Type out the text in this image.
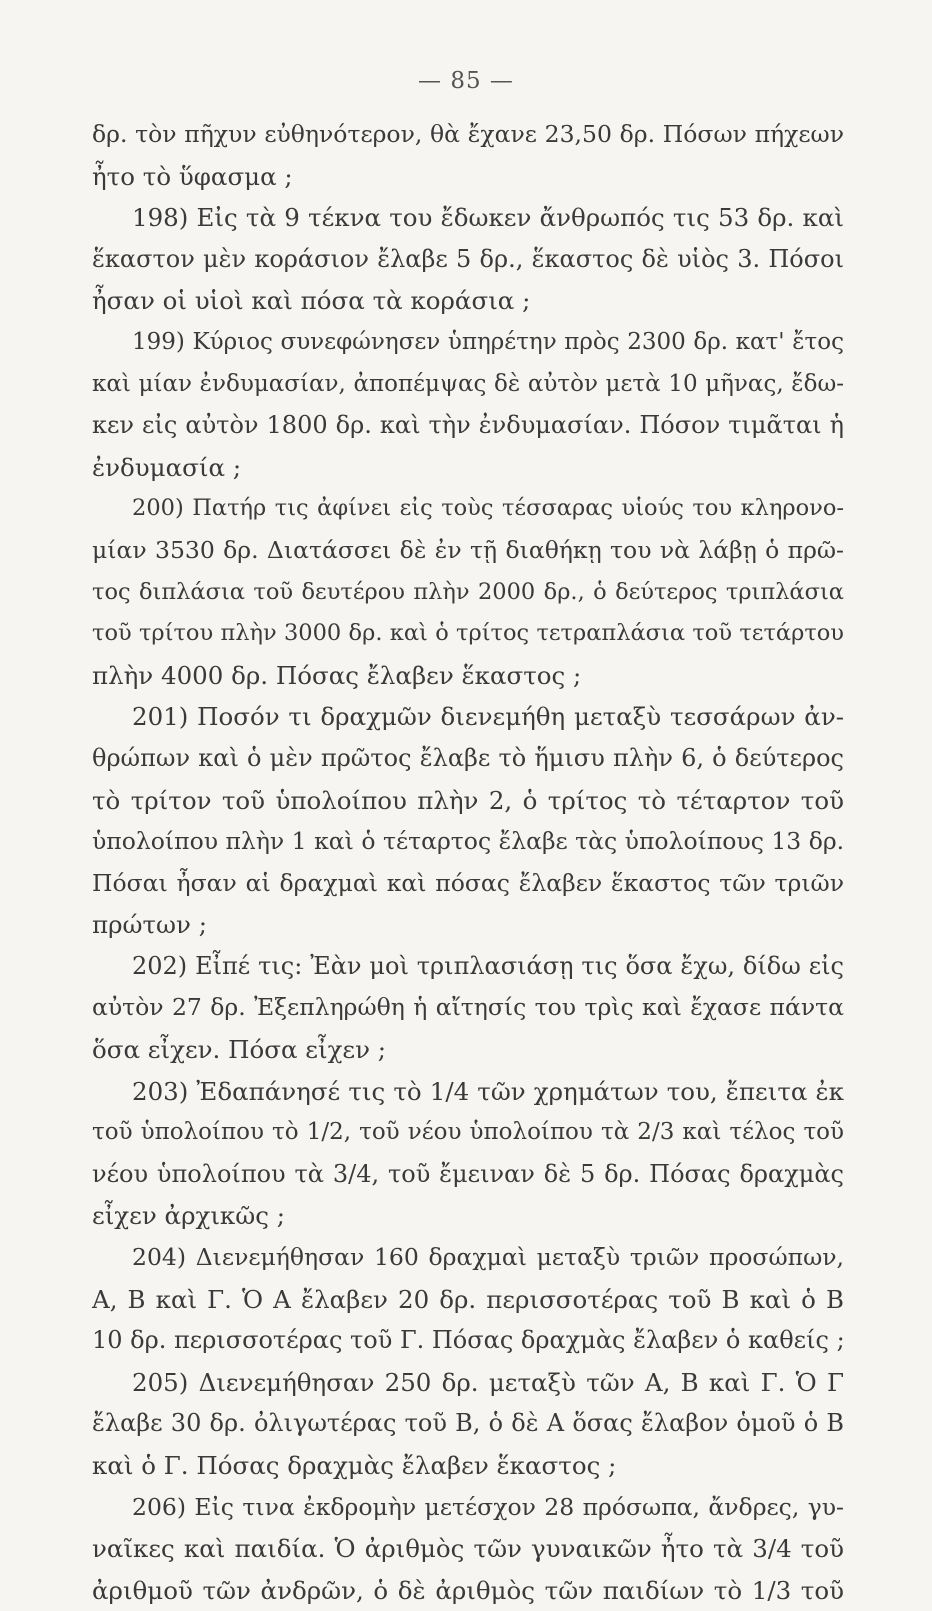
— 85 —
δρ. τὸν πῆχυν εὐθηνότερον, θὰ ἔχανε 23,50 δρ. Πόσων πήχεων
ἦτο τὸ ὕφασμα ;
198) Εἰς τὰ 9 τέκνα του ἔδωκεν ἄνθρωπός τις 53 δρ. καὶ
ἕκαστον μὲν κοράσιον ἔλαβε 5 δρ., ἕκαστος δὲ υἱὸς 3. Πόσοι
ἦσαν οἱ υἱοὶ καὶ πόσα τὰ κοράσια ;
199) Κύριος συνεφώνησεν ὑπηρέτην πρὸς 2300 δρ. κατ' ἔτος
καὶ μίαν ἐνδυμασίαν, ἀποπέμψας δὲ αὐτὸν μετὰ 10 μῆνας, ἔδω-
κεν εἰς αὐτὸν 1800 δρ. καὶ τὴν ἐνδυμασίαν. Πόσον τιμᾶται ἡ
ἐνδυμασία ;
200) Πατήρ τις ἀφίνει εἰς τοὺς τέσσαρας υἱούς του κληρονο-
μίαν 3530 δρ. Διατάσσει δὲ ἐν τῇ διαθήκῃ του νὰ λάβῃ ὁ πρῶ-
τος διπλάσια τοῦ δευτέρου πλὴν 2000 δρ., ὁ δεύτερος τριπλάσια
τοῦ τρίτου πλὴν 3000 δρ. καὶ ὁ τρίτος τετραπλάσια τοῦ τετάρτου
πλὴν 4000 δρ. Πόσας ἔλαβεν ἕκαστος ;
201) Ποσόν τι δραχμῶν διενεμήθη μεταξὺ τεσσάρων ἀν-
θρώπων καὶ ὁ μὲν πρῶτος ἔλαβε τὸ ἥμισυ πλὴν 6, ὁ δεύτερος
τὸ τρίτον τοῦ ὑπολοίπου πλὴν 2, ὁ τρίτος τὸ τέταρτον τοῦ
ὑπολοίπου πλὴν 1 καὶ ὁ τέταρτος ἔλαβε τὰς ὑπολοίπους 13 δρ.
Πόσαι ἦσαν αἱ δραχμαὶ καὶ πόσας ἔλαβεν ἕκαστος τῶν τριῶν
πρώτων ;
202) Εἶπέ τις: Ἐὰν μοὶ τριπλασιάσῃ τις ὅσα ἔχω, δίδω εἰς
αὐτὸν 27 δρ. Ἐξεπληρώθη ἡ αἴτησίς του τρὶς καὶ ἔχασε πάντα
ὅσα εἶχεν. Πόσα εἶχεν ;
203) Ἐδαπάνησέ τις τὸ 1/4 τῶν χρημάτων του, ἔπειτα ἐκ
τοῦ ὑπολοίπου τὸ 1/2, τοῦ νέου ὑπολοίπου τὰ 2/3 καὶ τέλος τοῦ
νέου ὑπολοίπου τὰ 3/4, τοῦ ἔμειναν δὲ 5 δρ. Πόσας δραχμὰς
εἶχεν ἀρχικῶς ;
204) Διενεμήθησαν 160 δραχμαὶ μεταξὺ τριῶν προσώπων,
Α, Β καὶ Γ. Ὁ Α ἔλαβεν 20 δρ. περισσοτέρας τοῦ Β καὶ ὁ Β
10 δρ. περισσοτέρας τοῦ Γ. Πόσας δραχμὰς ἔλαβεν ὁ καθείς ;
205) Διενεμήθησαν 250 δρ. μεταξὺ τῶν Α, Β καὶ Γ. Ὁ Γ
ἔλαβε 30 δρ. ὀλιγωτέρας τοῦ Β, ὁ δὲ Α ὅσας ἔλαβον ὁμοῦ ὁ Β
καὶ ὁ Γ. Πόσας δραχμὰς ἔλαβεν ἕκαστος ;
206) Εἰς τινα ἐκδρομὴν μετέσχον 28 πρόσωπα, ἄνδρες, γυ-
ναῖκες καὶ παιδία. Ὁ ἀριθμὸς τῶν γυναικῶν ἦτο τὰ 3/4 τοῦ
ἀριθμοῦ τῶν ἀνδρῶν, ὁ δὲ ἀριθμὸς τῶν παιδίων τὸ 1/3 τοῦ
